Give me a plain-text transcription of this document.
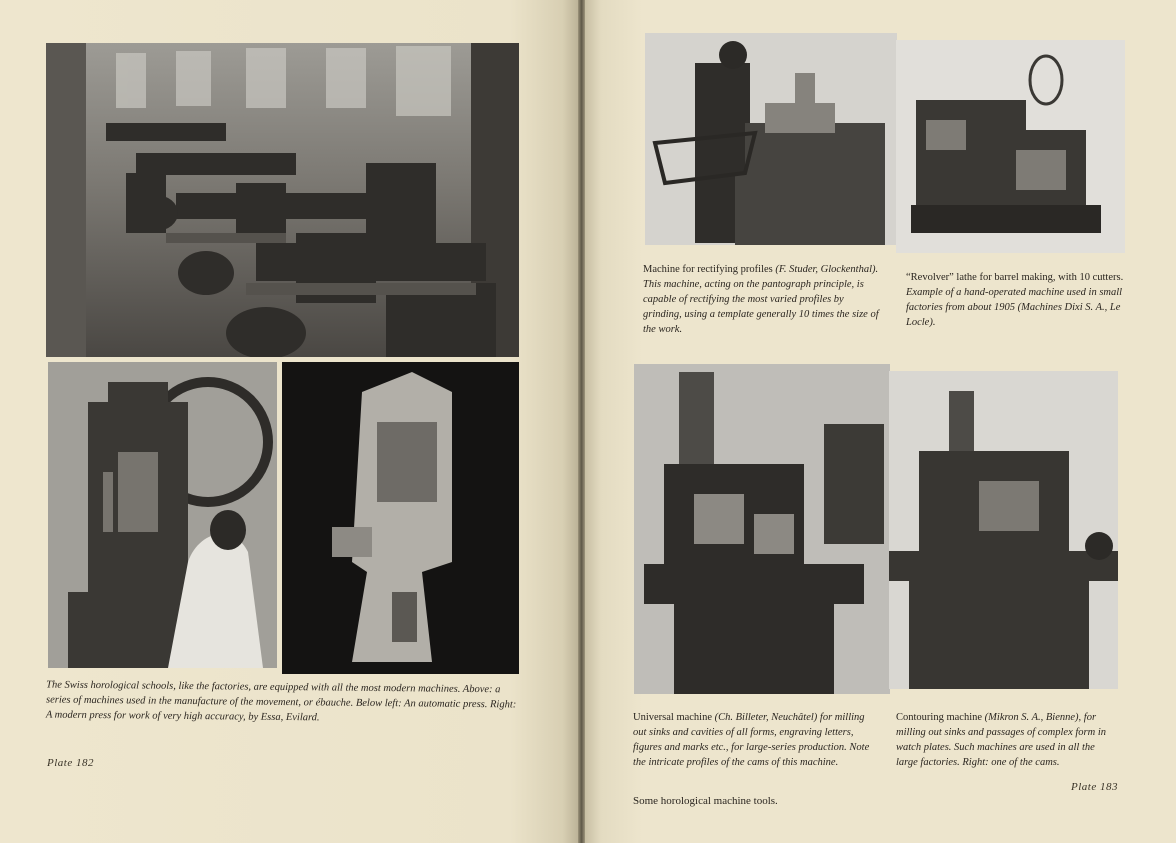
The Swiss horological schools, like the factories, are equipped with all the most modern machines. Above: a series of machines used in the manufacture of the movement, or ébauche. Below left: An automatic press. Right: A modern press for work of very high accuracy, by Essa, Evilard.
Plate 182
Machine for rectifying profiles (F. Studer, Glockenthal). This machine, acting on the pantograph principle, is capable of rectifying the most varied profiles by grinding, using a template generally 10 times the size of the work.
“Revolver” lathe for barrel making, with 10 cutters. Example of a hand-operated machine used in small factories from about 1905 (Machines Dixi S. A., Le Locle).
Universal machine (Ch. Billeter, Neuchâtel) for milling out sinks and cavities of all forms, engraving letters, figures and marks etc., for large-series production. Note the intricate profiles of the cams of this machine.
Contouring machine (Mikron S. A., Bienne), for milling out sinks and passages of complex form in watch plates. Such machines are used in all the large factories. Right: one of the cams.
Some horological machine tools.
Plate 183
